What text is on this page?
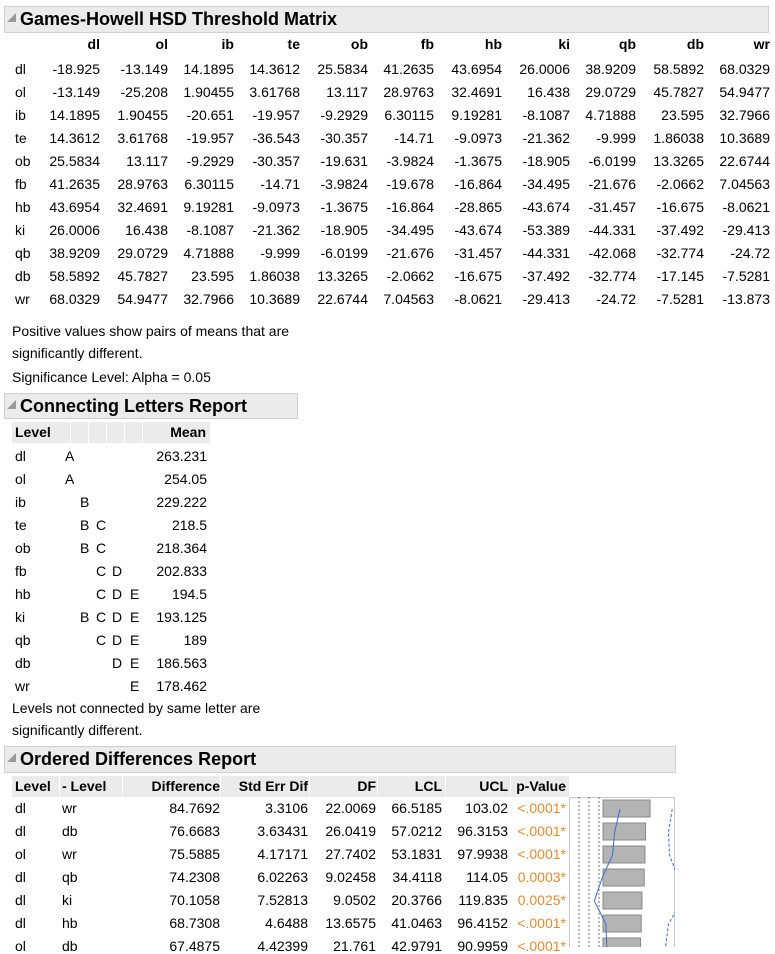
Games-Howell HSD Threshold Matrix
dl	ol	ib	te	ob	fb	hb	ki	qb	db	wr
dl	-18.925	-13.149	14.1895	14.3612	25.5834	41.2635	43.6954	26.0006	38.9209	58.5892	68.0329
ol	-13.149	-25.208	1.90455	3.61768	13.117	28.9763	32.4691	16.438	29.0729	45.7827	54.9477
ib	14.1895	1.90455	-20.651	-19.957	-9.2929	6.30115	9.19281	-8.1087	4.71888	23.595	32.7966
te	14.3612	3.61768	-19.957	-36.543	-30.357	-14.71	-9.0973	-21.362	-9.999	1.86038	10.3689
ob	25.5834	13.117	-9.2929	-30.357	-19.631	-3.9824	-1.3675	-18.905	-6.0199	13.3265	22.6744
fb	41.2635	28.9763	6.30115	-14.71	-3.9824	-19.678	-16.864	-34.495	-21.676	-2.0662	7.04563
hb	43.6954	32.4691	9.19281	-9.0973	-1.3675	-16.864	-28.865	-43.674	-31.457	-16.675	-8.0621
ki	26.0006	16.438	-8.1087	-21.362	-18.905	-34.495	-43.674	-53.389	-44.331	-37.492	-29.413
qb	38.9209	29.0729	4.71888	-9.999	-6.0199	-21.676	-31.457	-44.331	-42.068	-32.774	-24.72
db	58.5892	45.7827	23.595	1.86038	13.3265	-2.0662	-16.675	-37.492	-32.774	-17.145	-7.5281
wr	68.0329	54.9477	32.7966	10.3689	22.6744	7.04563	-8.0621	-29.413	-24.72	-7.5281	-13.873
Positive values show pairs of means that are
significantly different.
Significance Level: Alpha = 0.05
Connecting Letters Report
Level	Mean
dl	A	263.231
ol	A	254.05
ib	B	229.222
te	B C	218.5
ob	B C	218.364
fb	C D 202.833
hb	C D E 194.5
ki	B C D E 193.125
qb	C D E	189
db	D E 186.563
wr	E 178.462
Levels not connected by same letter are
significantly different.
Ordered Differences Report
Level - Level	Difference	Std Err Dif	DF	LCL	UCL p-Value
dl	wr	84.7692	3.3106	22.0069	66.5185	103.02 <.0001*
dl	db	76.6683	3.63431	26.0419	57.0212	96.3153 <.0001*
ol	wr	75.5885	4.17171	27.7402	53.1831	97.9938 <.0001*
dl	qb	74.2308	6.02263	9.02458	34.4118	114.05 0.0003*
dl	ki	70.1058	7.52813	9.0502	20.3766	119.835 0.0025*
dl	hb	68.7308	4.6488	13.6575	41.0463	96.4152 <.0001*
ol	db	67.4875	4.42399	21.761	42.9791	90.9959 <.0001*
